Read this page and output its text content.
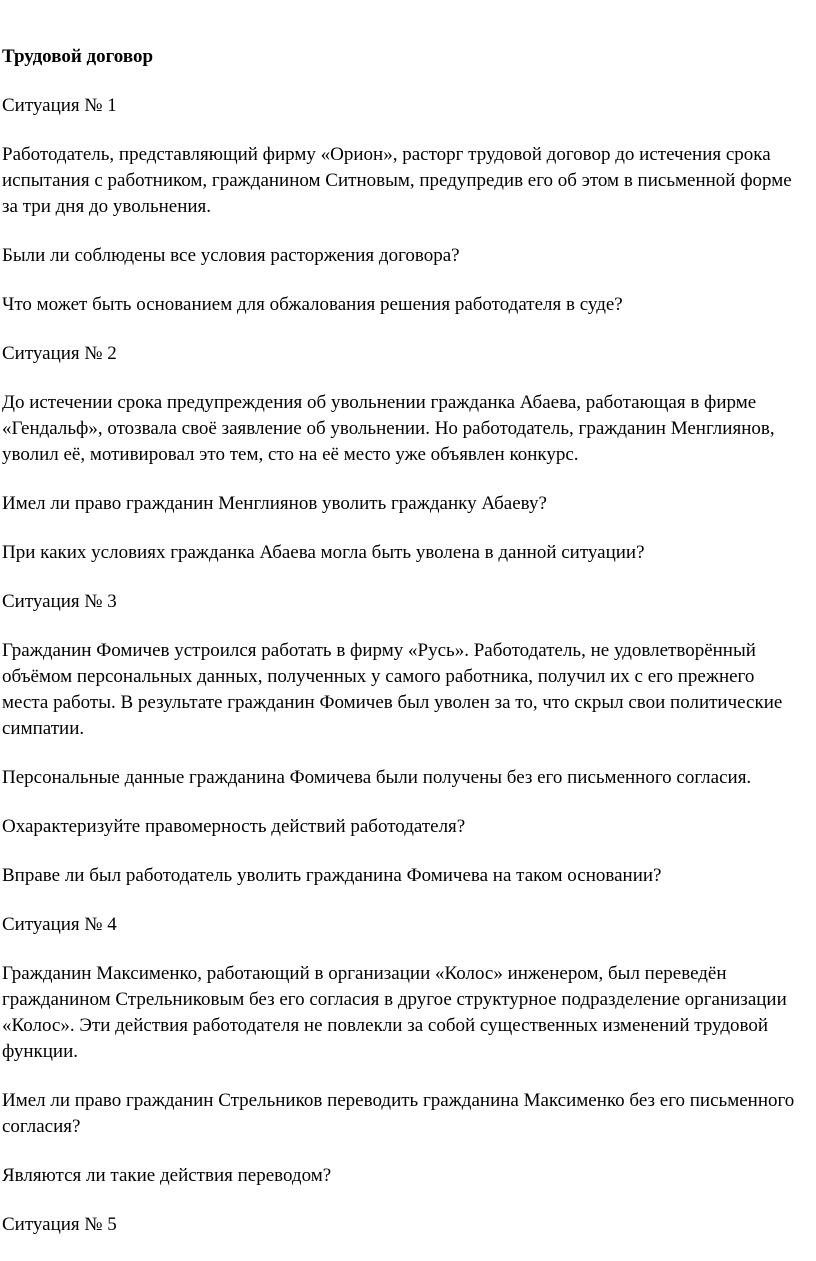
Трудовой договор

Ситуация № 1

Работодатель, представляющий фирму «Орион», расторг трудовой договор до истечения срока испытания с работником, гражданином Ситновым, предупредив его об этом в письменной форме за три дня до увольнения.

Были ли соблюдены все условия расторжения договора?

Что может быть основанием для обжалования решения работодателя в суде?

Ситуация № 2

До истечении срока предупреждения об увольнении гражданка Абаева, работающая в фирме «Гендальф», отозвала своё заявление об увольнении. Но работодатель, гражданин Менглиянов, уволил её, мотивировал это тем, сто на её место уже объявлен конкурс.

Имел ли право гражданин Менглиянов уволить гражданку Абаеву?

При каких условиях гражданка Абаева могла быть уволена в данной ситуации?

Ситуация № 3

Гражданин Фомичев устроился работать в фирму «Русь». Работодатель, не удовлетворённый объёмом персональных данных, полученных у самого работника, получил их с его прежнего места работы. В результате гражданин Фомичев был уволен за то, что скрыл свои политические симпатии.

Персональные данные гражданина Фомичева были получены без его письменного согласия.

Охарактеризуйте правомерность действий работодателя?

Вправе ли был работодатель уволить гражданина Фомичева на таком основании?

Ситуация № 4

Гражданин Максименко, работающий в организации «Колос» инженером, был переведён гражданином Стрельниковым без его согласия в другое структурное подразделение организации «Колос». Эти действия работодателя не повлекли за собой существенных изменений трудовой функции.

Имел ли право гражданин Стрельников переводить гражданина Максименко без его письменного согласия?

Являются ли такие действия переводом?

Ситуация № 5
